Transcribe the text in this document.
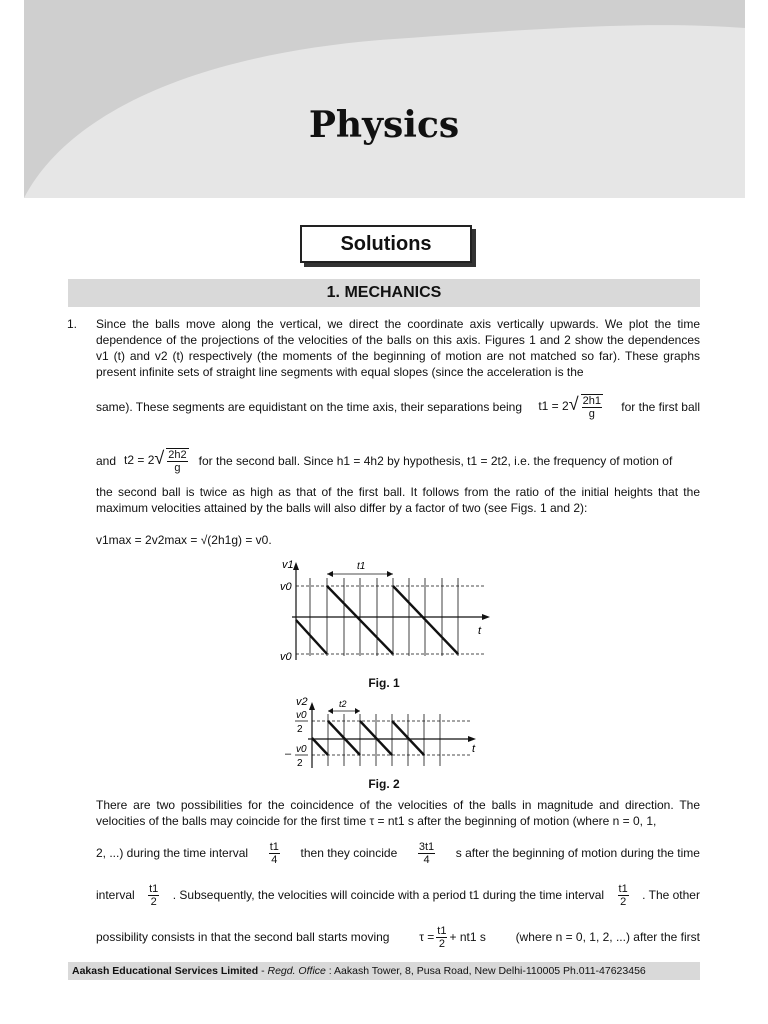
Physics
Solutions
1. MECHANICS
1. Since the balls move along the vertical, we direct the coordinate axis vertically upwards. We plot the time dependence of the projections of the velocities of the balls on this axis. Figures 1 and 2 show the dependences v1 (t) and v2 (t) respectively (the moments of the beginning of motion are not matched so far). These graphs present infinite sets of straight line segments with equal slopes (since the acceleration is the
same). These segments are equidistant on the time axis, their separations being $t1 = 2√ \frac{2h1}{g}$ for the first ball
and $t2 = 2√ \frac{2h2}{g}$ for the second ball. Since h1 = 4h2 by hypothesis, t1 = 2t2, i.e. the frequency of motion of
the second ball is twice as high as that of the first ball. It follows from the ratio of the initial heights that the maximum velocities attained by the balls will also differ by a factor of two (see Figs. 1 and 2):
v1max = 2v2max = √(2h1g) = v0.
v1
v0
v0
t
t1
Fig. 1
v2
v0
2
– v0
2
t
t2
Fig. 2
There are two possibilities for the coincidence of the velocities of the balls in magnitude and direction. The velocities of the balls may coincide for the first time τ = nt1 s after the beginning of motion (where n = 0, 1,
2, ...) during the time interval $\frac{t1}{4}$ then they coincide $\frac{3t1}{4}$ s after the beginning of motion during the time
interval $\frac{t1}{2}$ . Subsequently, the velocities will coincide with a period t1 during the time interval $\frac{t1}{2}$ . The other
possibility consists in that the second ball starts moving $\tau = \frac{t1}{2} + nt1$ s (where n = 0, 1, 2, ...) after the first
Aakash Educational Services Limited - Regd. Office : Aakash Tower, 8, Pusa Road, New Delhi-110005 Ph.011-47623456
